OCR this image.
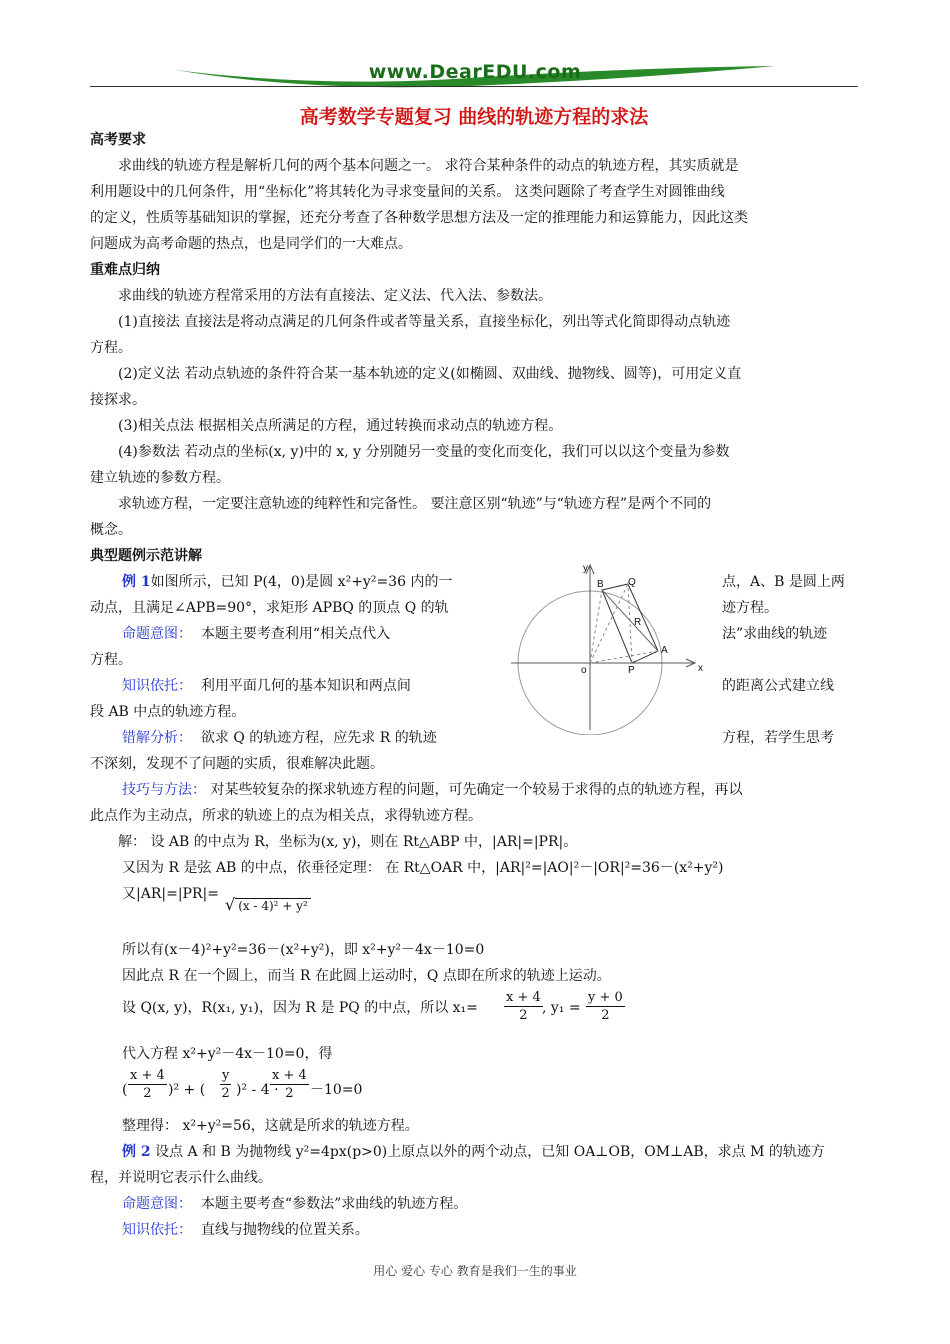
www.DearEDU.com
高考数学专题复习 曲线的轨迹方程的求法
高考要求
求曲线的轨迹方程是解析几何的两个基本问题之一。 求符合某种条件的动点的轨迹方程，其实质就是
利用题设中的几何条件，用“坐标化”将其转化为寻求变量间的关系。 这类问题除了考查学生对圆锥曲线
的定义，性质等基础知识的掌握，还充分考查了各种数学思想方法及一定的推理能力和运算能力，因此这类
问题成为高考命题的热点，也是同学们的一大难点。
重难点归纳
求曲线的轨迹方程常采用的方法有直接法、定义法、代入法、参数法。
(1)直接法 直接法是将动点满足的几何条件或者等量关系，直接坐标化，列出等式化简即得动点轨迹
方程。
(2)定义法 若动点轨迹的条件符合某一基本轨迹的定义(如椭圆、双曲线、抛物线、圆等)，可用定义直
接探求。
(3)相关点法 根据相关点所满足的方程，通过转换而求动点的轨迹方程。
(4)参数法 若动点的坐标(x, y)中的 x, y 分别随另一变量的变化而变化，我们可以以这个变量为参数
建立轨迹的参数方程。
求轨迹方程，一定要注意轨迹的纯粹性和完备性。 要注意区别“轨迹”与“轨迹方程”是两个不同的
概念。
典型题例示范讲解
例 1如图所示，已知 P(4，0)是圆 x²+y²=36 内的一	点，A、B 是圆上两
动点，且满足∠APB=90°，求矩形 APBQ 的顶点 Q 的轨	迹方程。
命题意图： 本题主要考查利用“相关点代入	法”求曲线的轨迹
方程。
知识依托： 利用平面几何的基本知识和两点间	的距离公式建立线
段 AB 中点的轨迹方程。
错解分析： 欲求 Q 的轨迹方程，应先求 R 的轨迹	方程，若学生思考
不深刻，发现不了问题的实质，很难解决此题。
技巧与方法： 对某些较复杂的探求轨迹方程的问题，可先确定一个较易于求得的点的轨迹方程，再以
此点作为主动点，所求的轨迹上的点为相关点，求得轨迹方程。
y
x
o
B Q
R
A
P
解： 设 AB 的中点为 R，坐标为(x, y)，则在 Rt△ABP 中，|AR|=|PR|。
又因为 R 是弦 AB 的中点，依垂径定理： 在 Rt△OAR 中，|AR|²=|AO|²－|OR|²=36－(x²+y²)
又|AR|=|PR|=
√ (x - 4)² + y²
所以有(x－4)²+y²=36－(x²+y²)，即 x²+y²－4x－10=0
因此点 R 在一个圆上，而当 R 在此圆上运动时，Q 点即在所求的轨迹上运动。
设 Q(x, y)，R(x₁, y₁)，因为 R 是 PQ 的中点，所以 $x_1= \frac{x + 4}{2}$ , $y_1 = \frac{y + 0}{2}$
代入方程 x²+y²－4x－10=0，得
( $\frac{x + 4}{2} )^2$ + ( $\frac{y}{2} )^2 - 4$ ·
$\frac{x + 4}{2} -10=0$
整理得： x²+y²=56，这就是所求的轨迹方程。
例 2 设点 A 和 B 为抛物线 y²=4px(p>0)上原点以外的两个动点，已知 OA⊥OB，OM⊥AB，求点 M 的轨迹方
程，并说明它表示什么曲线。
命题意图： 本题主要考查“参数法”求曲线的轨迹方程。
知识依托： 直线与抛物线的位置关系。
用心 爱心 专心 教育是我们一生的事业
